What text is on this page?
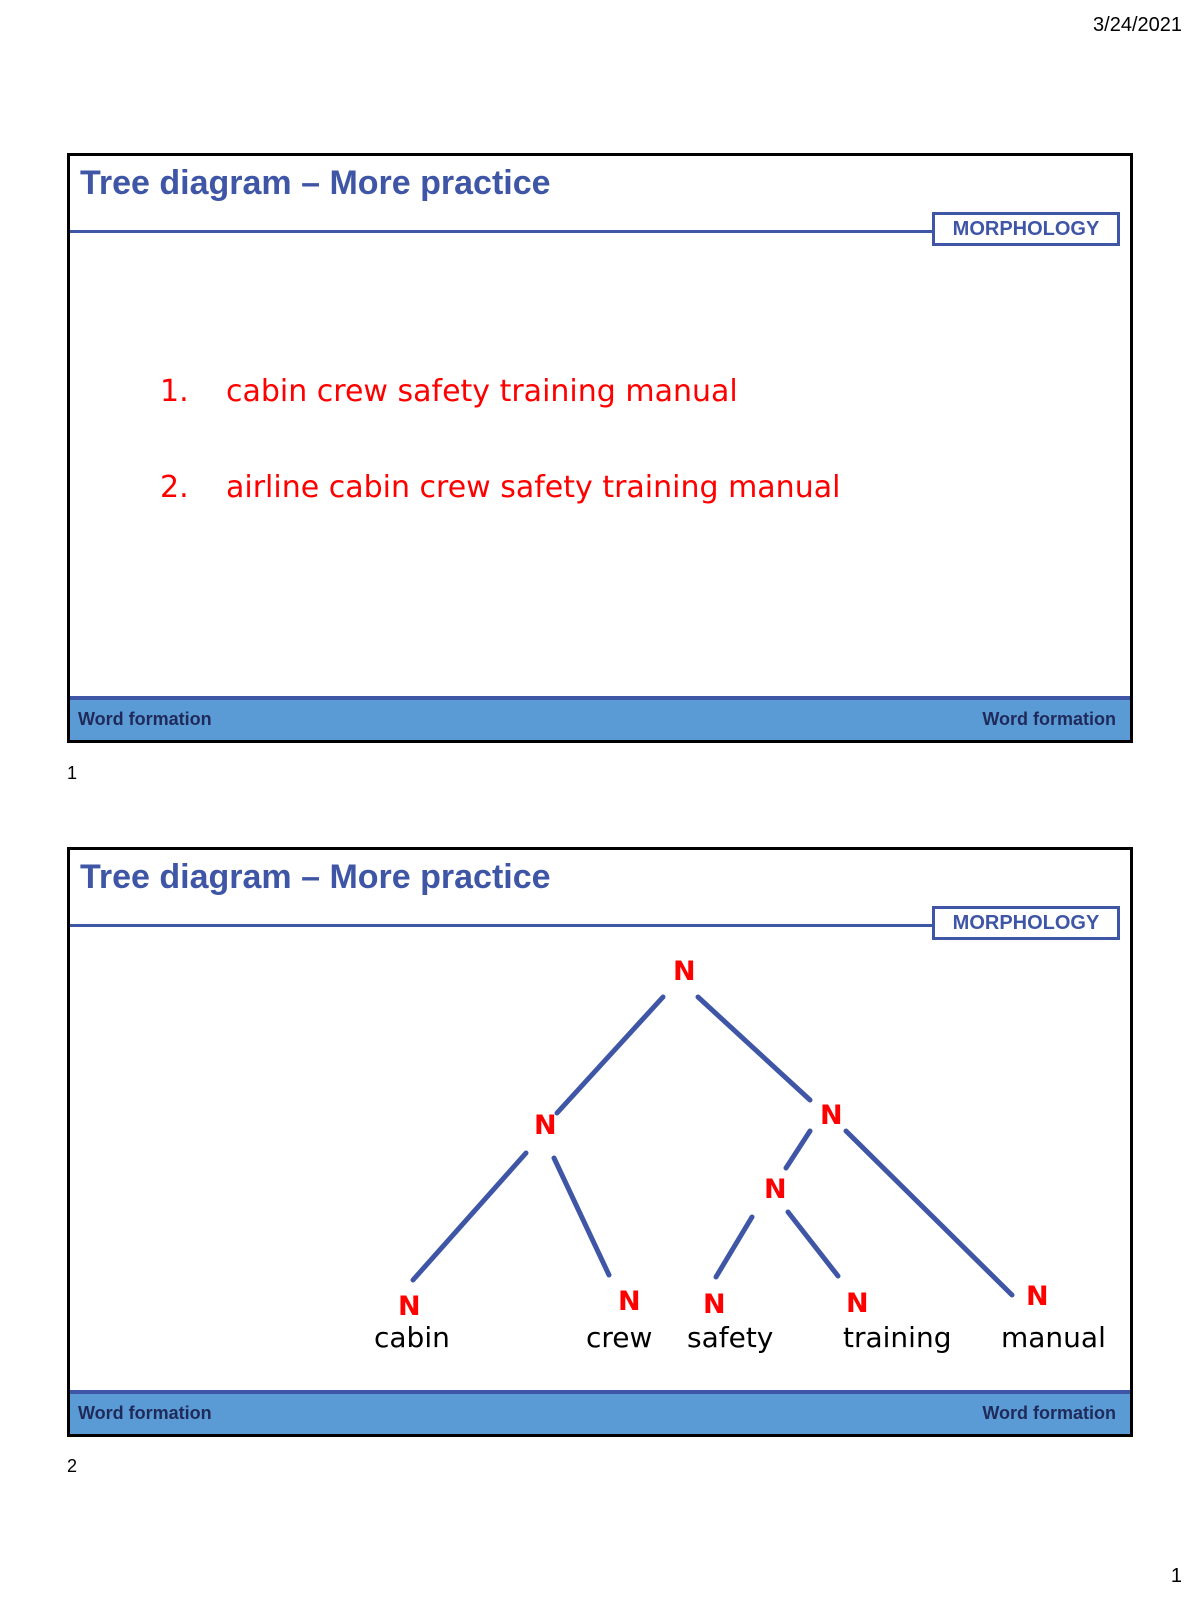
3/24/2021
Tree diagram – More practice
MORPHOLOGY
1.	cabin crew safety training manual
2.	airline cabin crew safety training manual
Word formation	Word formation
1
Tree diagram – More practice
MORPHOLOGY
N
N	N
N
N	N N	N	N
cabin	crew safety training manual
Word formation	Word formation
2
1
